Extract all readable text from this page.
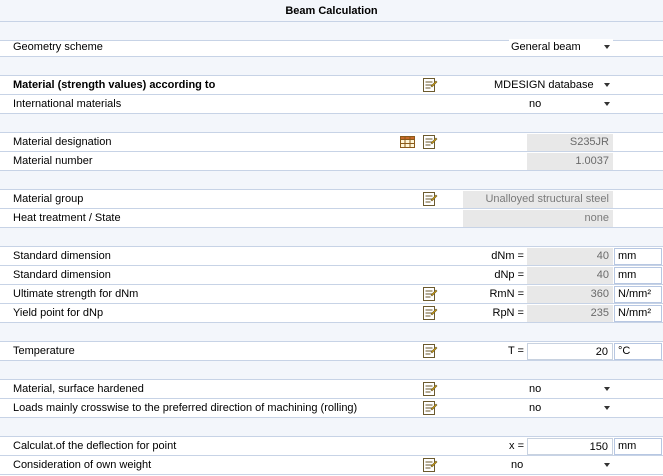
Beam Calculation
Geometry scheme	General beam
Material (strength values) according to	MDESIGN database
International materials	no
Material designation	S235JR
Material number	1.0037
Material group	Unalloyed structural steel
Heat treatment / State	none
Standard dimension	dNm =	40 mm
Standard dimension	dNp =	40 mm
Ultimate strength for dNm	RmN =	360 N/mm²
Yield point for dNp	RpN =	235 N/mm²
Temperature	T =	20 °C
Material, surface hardened	no
Loads mainly crosswise to the preferred direction of machining (rolling)	no
Calculat.of the deflection for point	x =	150 mm
Consideration of own weight	no
